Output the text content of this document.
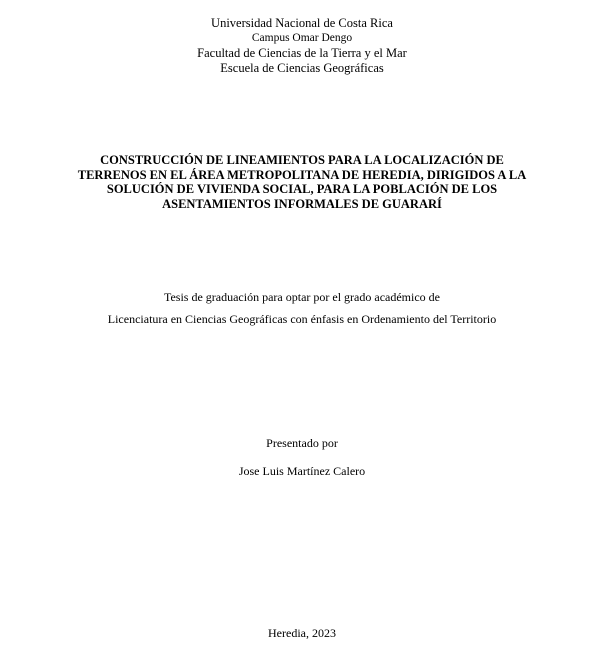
Universidad Nacional de Costa Rica
Campus Omar Dengo
Facultad de Ciencias de la Tierra y el Mar
Escuela de Ciencias Geográficas
CONSTRUCCIÓN DE LINEAMIENTOS PARA LA LOCALIZACIÓN DE
TERRENOS EN EL ÁREA METROPOLITANA DE HEREDIA, DIRIGIDOS A LA
SOLUCIÓN DE VIVIENDA SOCIAL, PARA LA POBLACIÓN DE LOS
ASENTAMIENTOS INFORMALES DE GUARARÍ
Tesis de graduación para optar por el grado académico de
Licenciatura en Ciencias Geográficas con énfasis en Ordenamiento del Territorio
Presentado por
Jose Luis Martínez Calero
Heredia, 2023
